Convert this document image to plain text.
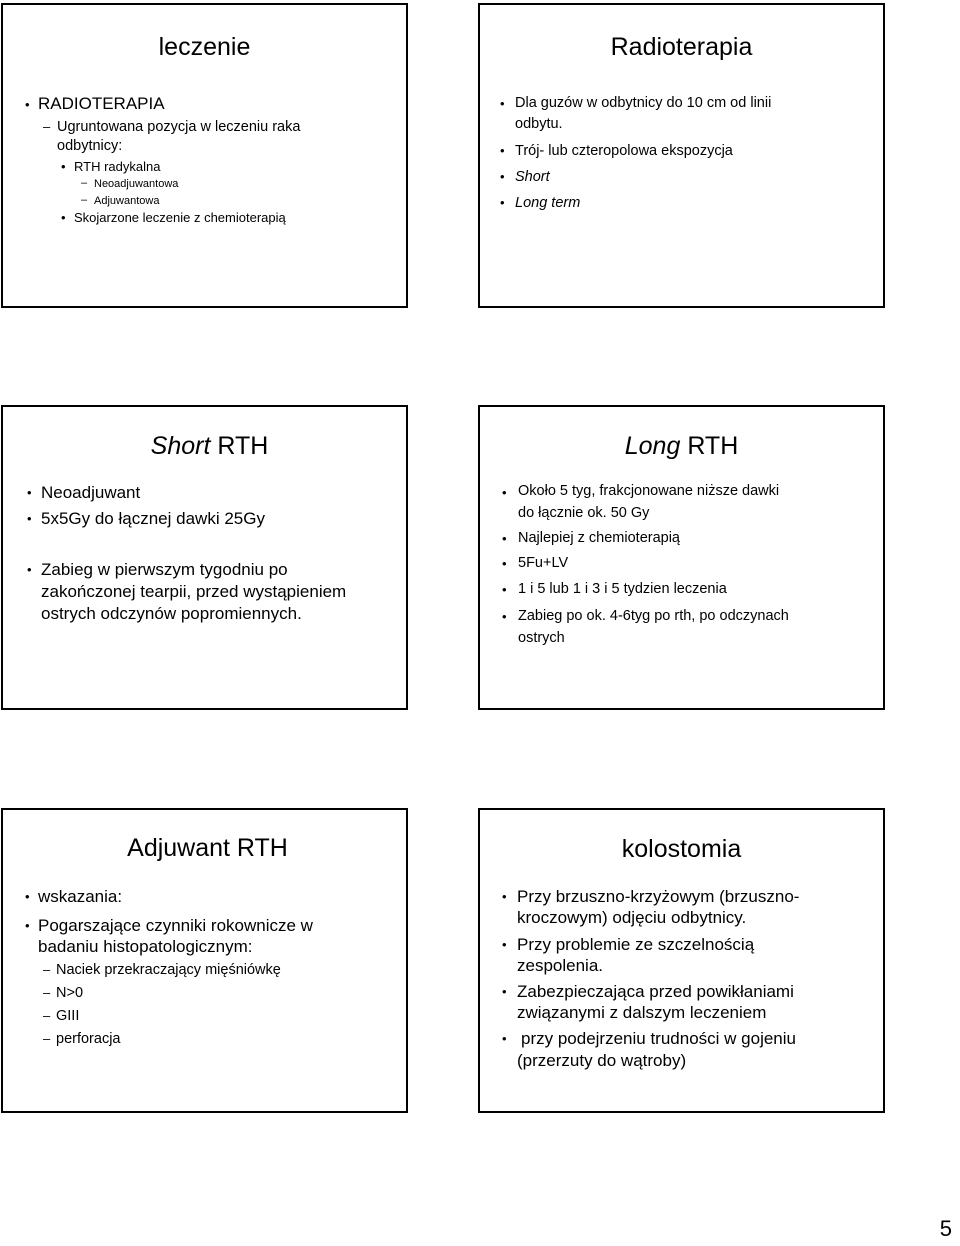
leczenie
• RADIOTERAPIA
– Ugruntowana pozycja w leczeniu raka
odbytnicy:
• RTH radykalna
– Neoadjuwantowa
– Adjuwantowa
• Skojarzone leczenie z chemioterapią
Radioterapia
• Dla guzów w odbytnicy do 10 cm od linii
odbytu.
• Trój- lub czteropolowa ekspozycja
• Short
• Long term
Short RTH
• Neoadjuwant
• 5x5Gy do łącznej dawki 25Gy
• Zabieg w pierwszym tygodniu po
zakończonej tearpii, przed wystąpieniem
ostrych odczynów popromiennych.
Long RTH
• Około 5 tyg, frakcjonowane niższe dawki
do łącznie ok. 50 Gy
• Najlepiej z chemioterapią
• 5Fu+LV
• 1 i 5 lub 1 i 3 i 5 tydzien leczenia
• Zabieg po ok. 4-6tyg po rth, po odczynach
ostrych
Adjuwant RTH
• wskazania:
• Pogarszające czynniki rokownicze w
badaniu histopatologicznym:
– Naciek przekraczający mięśniówkę
– N>0
– GIII
– perforacja
kolostomia
• Przy brzuszno-krzyżowym (brzuszno-
kroczowym) odjęciu odbytnicy.
• Przy problemie ze szczelnością
zespolenia.
• Zabezpieczająca przed powikłaniami
związanymi z dalszym leczeniem
• przy podejrzeniu trudności w gojeniu
(przerzuty do wątroby)
5
